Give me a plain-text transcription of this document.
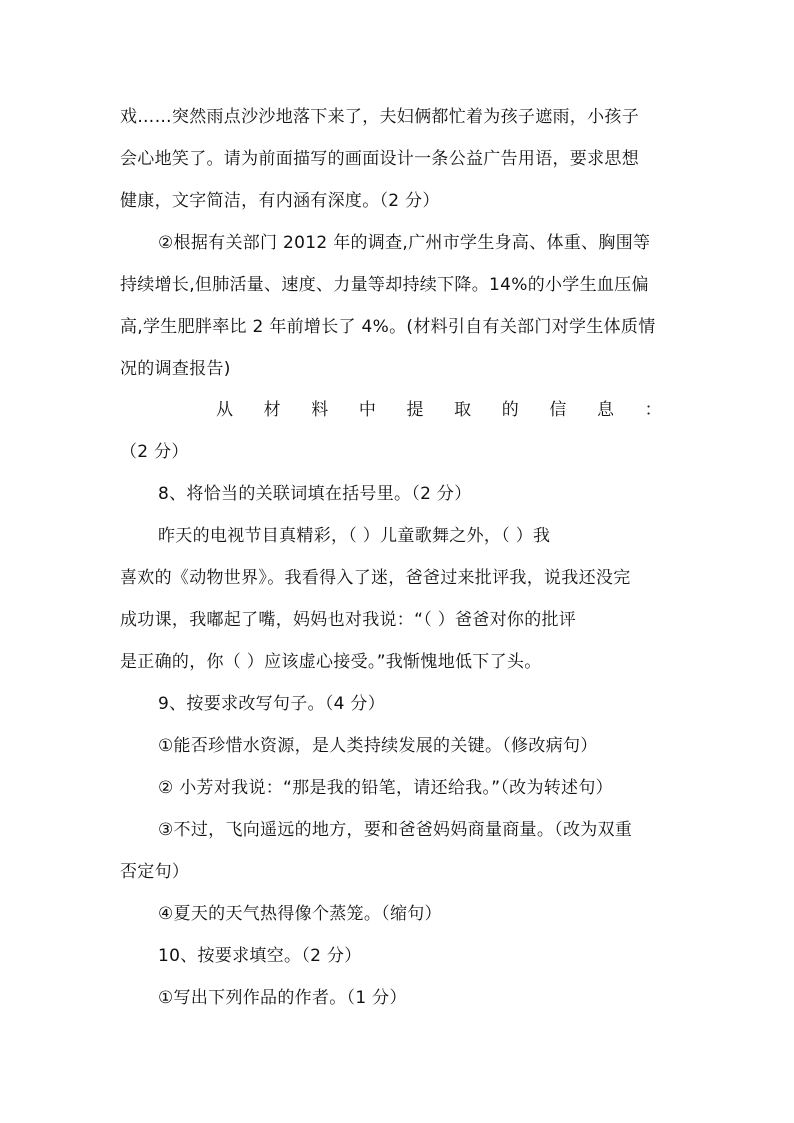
戏……突然雨点沙沙地落下来了，夫妇俩都忙着为孩子遮雨，小孩子
会心地笑了。请为前面描写的画面设计一条公益广告用语，要求思想
健康，文字简洁，有内涵有深度。（2 分）
②根据有关部门 2012 年的调查,广州市学生身高、体重、胸围等
持续增长,但肺活量、速度、力量等却持续下降。14%的小学生血压偏
高,学生肥胖率比 2 年前增长了 4%。(材料引自有关部门对学生体质情
况的调查报告)
从 材 料 中 提 取 的 信 息 ：
（2 分）
8、将恰当的关联词填在括号里。（2 分）
昨天的电视节目真精彩，（ ）儿童歌舞之外，（ ）我
喜欢的《动物世界》。我看得入了迷，爸爸过来批评我，说我还没完
成功课，我嘟起了嘴，妈妈也对我说：“（ ）爸爸对你的批评
是正确的，你（ ）应该虚心接受。”我惭愧地低下了头。
9、按要求改写句子。（4 分）
①能否珍惜水资源，是人类持续发展的关键。（修改病句）
② 小芳对我说：“那是我的铅笔，请还给我。”（改为转述句）
③不过，飞向遥远的地方，要和爸爸妈妈商量商量。（改为双重
否定句）
④夏天的天气热得像个蒸笼。（缩句）
10、按要求填空。（2 分）
①写出下列作品的作者。（1 分）
